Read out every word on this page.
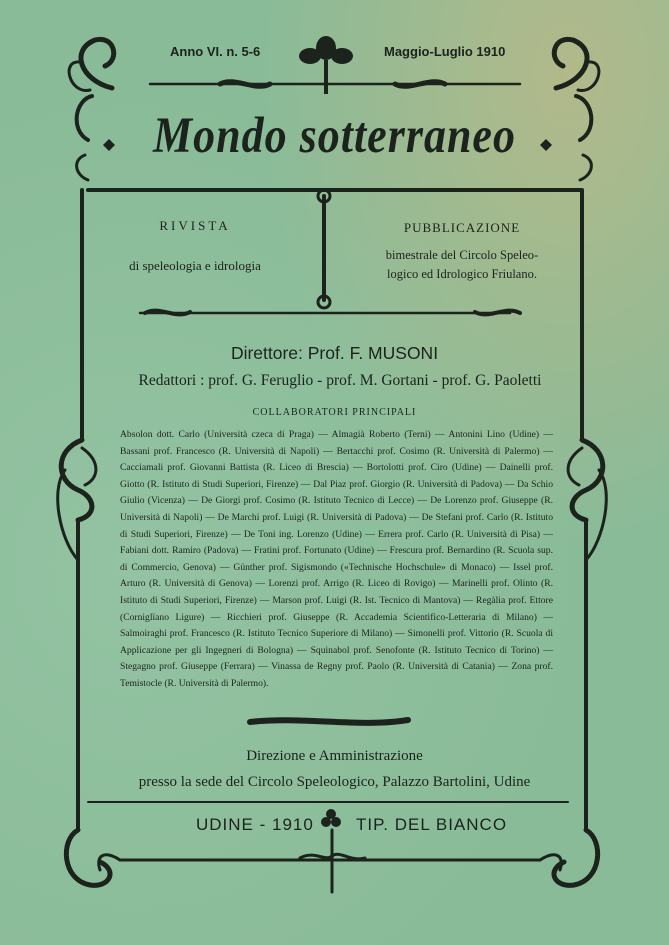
Anno VI. n. 5-6	Maggio-Luglio 1910
Mondo sotterraneo
RIVISTA
di speleologia e idrologia
PUBBLICAZIONE
bimestrale del Circolo Speleo-
logico ed Idrologico Friulano.
Direttore: Prof. F. MUSONI
Redattori : prof. G. Feruglio - prof. M. Gortani - prof. G. Paoletti
COLLABORATORI PRINCIPALI

Absolon dott. Carlo (Università czeca di Praga) — Almagià Roberto (Terni) — Antonini Lino (Udine) — Bassani prof. Francesco (R. Università di Napoli) — Bertacchi prof. Cosimo (R. Università di Palermo) — Cacciamali prof. Giovanni Battista (R. Liceo di Brescia) — Bortolotti prof. Ciro (Udine) — Dainelli prof. Giotto (R. Istituto di Studi Superiori, Firenze) — Dal Piaz prof. Giorgio (R. Università di Padova) — Da Schio Giulio (Vicenza) — De Giorgi prof. Cosimo (R. Istituto Tecnico di Lecce) — De Lorenzo prof. Giuseppe (R. Università di Napoli) — De Marchi prof. Luigi (R. Università di Padova) — De Stefani prof. Carlo (R. Istituto di Studi Superiori, Firenze) — De Toni ing. Lorenzo (Udine) — Errera prof. Carlo (R. Università di Pisa) — Fabiani dott. Ramiro (Padova) — Fratini prof. Fortunato (Udine) — Frescura prof. Bernardino (R. Scuola sup. di Commercio, Genova) — Günther prof. Sigismondo («Technische Hochschule» di Monaco) — Issel prof. Arturo (R. Università di Genova) — Lorenzi prof. Arrigo (R. Liceo di Rovigo) — Marinelli prof. Olinto (R. Istituto di Studi Superiori, Firenze) — Marson prof. Luigi (R. Ist. Tecnico di Mantova) — Regàlia prof. Ettore (Corniglïano Ligure) — Ricchieri prof. Giuseppe (R. Accademia Scientifico-Letteraria di Milano) — Salmoiraghi prof. Francesco (R. Istituto Tecnico Superiore di Milano) — Simonelli prof. Vittorio (R. Scuola di Applicazione per gli Ingegneri di Bologna) — Squinabol prof. Senofonte (R. Istituto Tecnico di Torino) — Stegagno prof. Giuseppe (Ferrara) — Vinassa de Regny prof. Paolo (R. Università di Catania) — Zona prof. Temistocle (R. Università di Palermo).

Direzione e Amministrazione
presso la sede del Circolo Speleologico, Palazzo Bartolini, Udine
UDINE - 1910 TIP. DEL BIANCO
